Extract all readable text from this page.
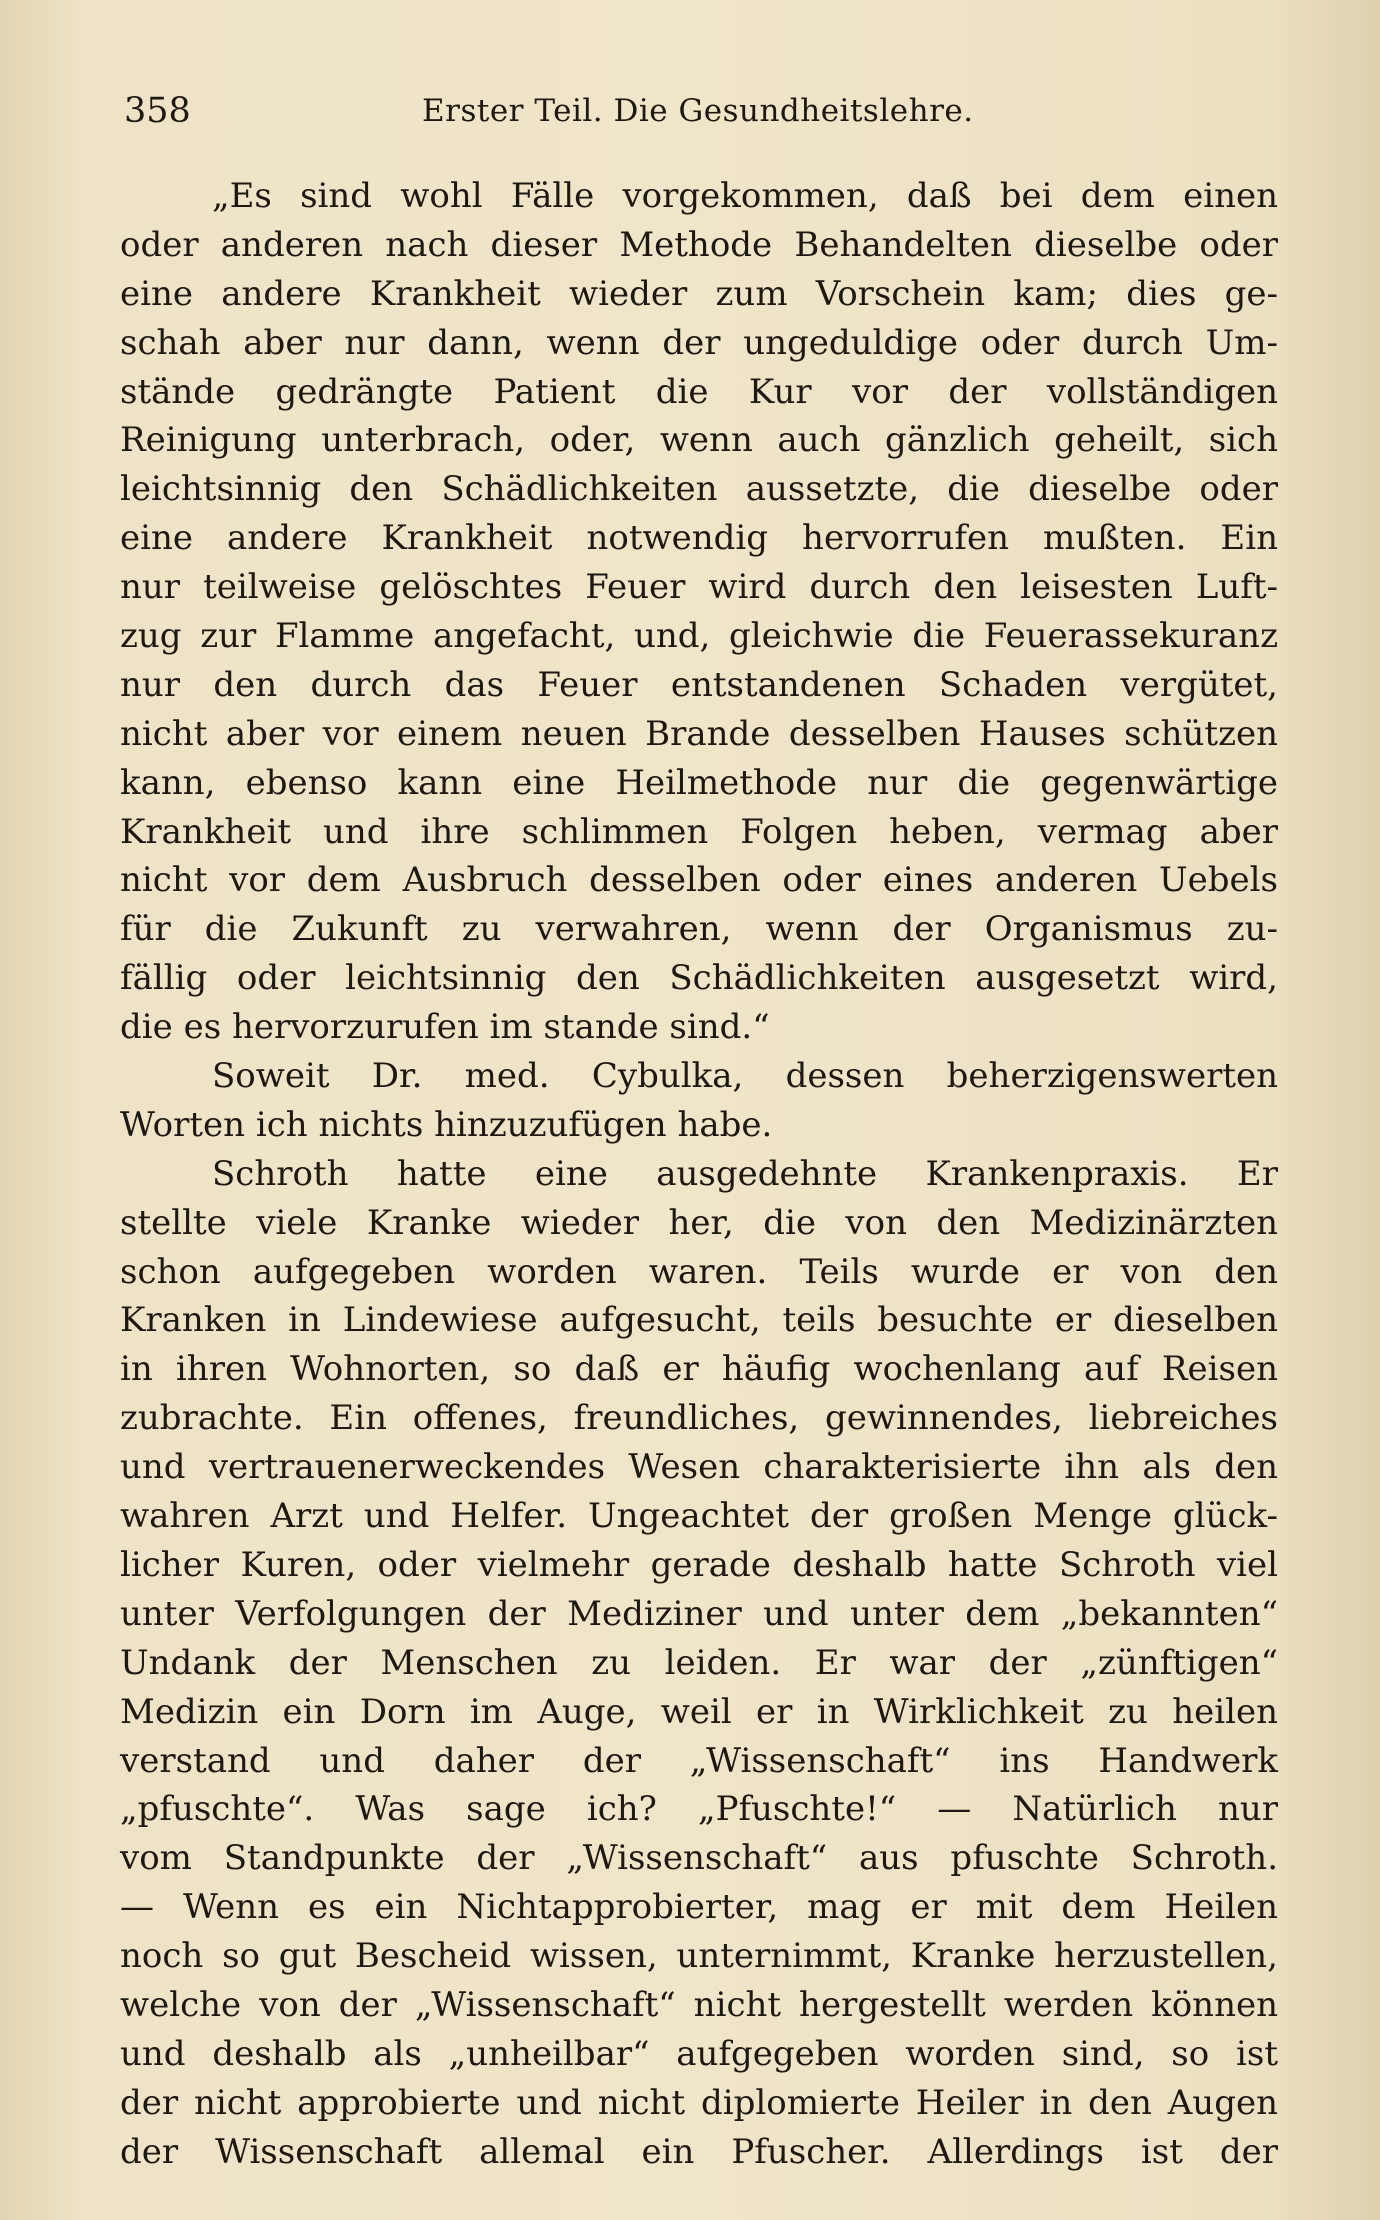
358	Erster Teil. Die Gesundheitslehre.
„Es sind wohl Fälle vorgekommen, daß bei dem einen
oder anderen nach dieser Methode Behandelten dieselbe oder
eine andere Krankheit wieder zum Vorschein kam; dies ge-
schah aber nur dann, wenn der ungeduldige oder durch Um-
stände gedrängte Patient die Kur vor der vollständigen
Reinigung unterbrach, oder, wenn auch gänzlich geheilt, sich
leichtsinnig den Schädlichkeiten aussetzte, die dieselbe oder
eine andere Krankheit notwendig hervorrufen mußten. Ein
nur teilweise gelöschtes Feuer wird durch den leisesten Luft-
zug zur Flamme angefacht, und, gleichwie die Feuerassekuranz
nur den durch das Feuer entstandenen Schaden vergütet,
nicht aber vor einem neuen Brande desselben Hauses schützen
kann, ebenso kann eine Heilmethode nur die gegenwärtige
Krankheit und ihre schlimmen Folgen heben, vermag aber
nicht vor dem Ausbruch desselben oder eines anderen Uebels
für die Zukunft zu verwahren, wenn der Organismus zu-
fällig oder leichtsinnig den Schädlichkeiten ausgesetzt wird,
die es hervorzurufen im stande sind.“
Soweit Dr. med. Cybulka, dessen beherzigenswerten
Worten ich nichts hinzuzufügen habe.
Schroth hatte eine ausgedehnte Krankenpraxis. Er
stellte viele Kranke wieder her, die von den Medizinärzten
schon aufgegeben worden waren. Teils wurde er von den
Kranken in Lindewiese aufgesucht, teils besuchte er dieselben
in ihren Wohnorten, so daß er häufig wochenlang auf Reisen
zubrachte. Ein offenes, freundliches, gewinnendes, liebreiches
und vertrauenerweckendes Wesen charakterisierte ihn als den
wahren Arzt und Helfer. Ungeachtet der großen Menge glück-
licher Kuren, oder vielmehr gerade deshalb hatte Schroth viel
unter Verfolgungen der Mediziner und unter dem „bekannten“
Undank der Menschen zu leiden. Er war der „zünftigen“
Medizin ein Dorn im Auge, weil er in Wirklichkeit zu heilen
verstand und daher der „Wissenschaft“ ins Handwerk
„pfuschte“. Was sage ich? „Pfuschte!“ — Natürlich nur
vom Standpunkte der „Wissenschaft“ aus pfuschte Schroth.
— Wenn es ein Nichtapprobierter, mag er mit dem Heilen
noch so gut Bescheid wissen, unternimmt, Kranke herzustellen,
welche von der „Wissenschaft“ nicht hergestellt werden können
und deshalb als „unheilbar“ aufgegeben worden sind, so ist
der nicht approbierte und nicht diplomierte Heiler in den Augen
der Wissenschaft allemal ein Pfuscher. Allerdings ist der
